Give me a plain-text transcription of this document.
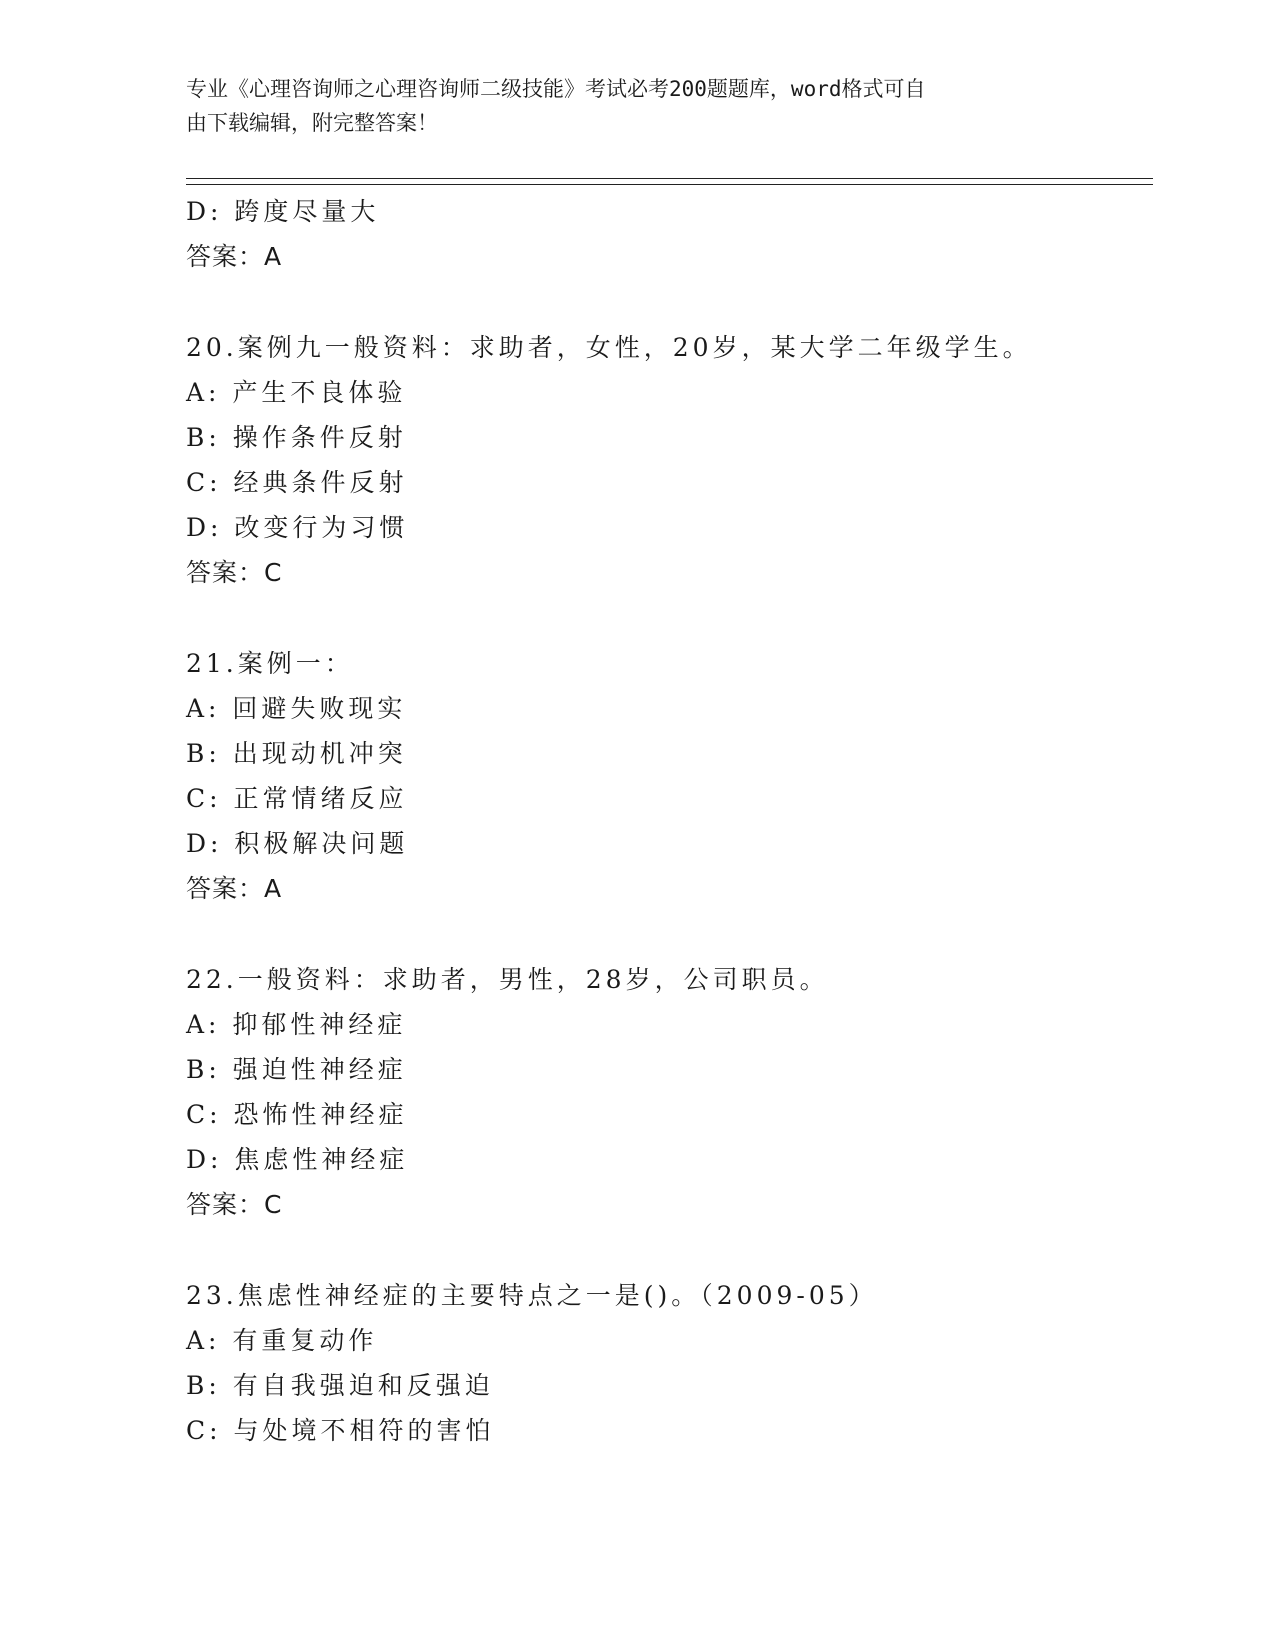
专业《心理咨询师之心理咨询师二级技能》考试必考200题题库，word格式可自
由下载编辑，附完整答案！
D: 跨度尽量大
答案：A
20.案例九一般资料：求助者，女性，20岁，某大学二年级学生。
A: 产生不良体验
B: 操作条件反射
C: 经典条件反射
D: 改变行为习惯
答案：C
21.案例一：
A: 回避失败现实
B: 出现动机冲突
C: 正常情绪反应
D: 积极解决问题
答案：A
22.一般资料：求助者，男性，28岁，公司职员。
A: 抑郁性神经症
B: 强迫性神经症
C: 恐怖性神经症
D: 焦虑性神经症
答案：C
23.焦虑性神经症的主要特点之一是()。（2009-05）
A: 有重复动作
B: 有自我强迫和反强迫
C: 与处境不相符的害怕
